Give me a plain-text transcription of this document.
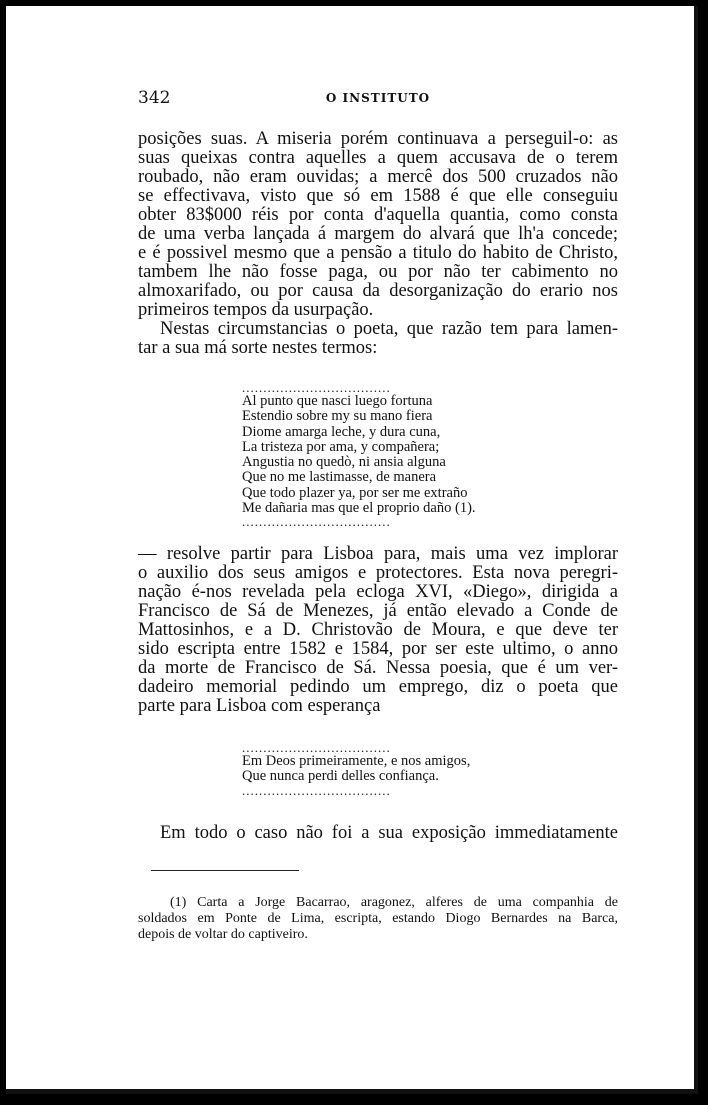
342	O INSTITUTO
posições suas. A miseria porém continuava a perseguil-o: as
suas queixas contra aquelles a quem accusava de o terem
roubado, não eram ouvidas; a mercê dos 500 cruzados não
se effectivava, visto que só em 1588 é que elle conseguiu
obter 83$000 réis por conta d'aquella quantia, como consta
de uma verba lançada á margem do alvará que lh'a concede;
e é possivel mesmo que a pensão a titulo do habito de Christo,
tambem lhe não fosse paga, ou por não ter cabimento no
almoxarifado, ou por causa da desorganização do erario nos
primeiros tempos da usurpação.
Nestas circumstancias o poeta, que razão tem para lamen-
tar a sua má sorte nestes termos:
...................................
Al punto que nasci luego fortuna
Estendio sobre my su mano fiera
Diome amarga leche, y dura cuna,
La tristeza por ama, y compañera;
Angustia no quedò, ni ansia alguna
Que no me lastimasse, de manera
Que todo plazer ya, por ser me extraño
Me dañaria mas que el proprio daño (1).
...................................
— resolve partir para Lisboa para, mais uma vez implorar
o auxilio dos seus amigos e protectores. Esta nova peregri-
nação é-nos revelada pela ecloga XVI, «Diego», dirigida a
Francisco de Sá de Menezes, já então elevado a Conde de
Mattosinhos, e a D. Christovão de Moura, e que deve ter
sido escripta entre 1582 e 1584, por ser este ultimo, o anno
da morte de Francisco de Sá. Nessa poesia, que é um ver-
dadeiro memorial pedindo um emprego, diz o poeta que
parte para Lisboa com esperança
...................................
Em Deos primeiramente, e nos amigos,
Que nunca perdi delles confiança.
...................................
Em todo o caso não foi a sua exposição immediatamente
(1) Carta a Jorge Bacarrao, aragonez, alferes de uma companhia de
soldados em Ponte de Lima, escripta, estando Diogo Bernardes na Barca,
depois de voltar do captiveiro.
